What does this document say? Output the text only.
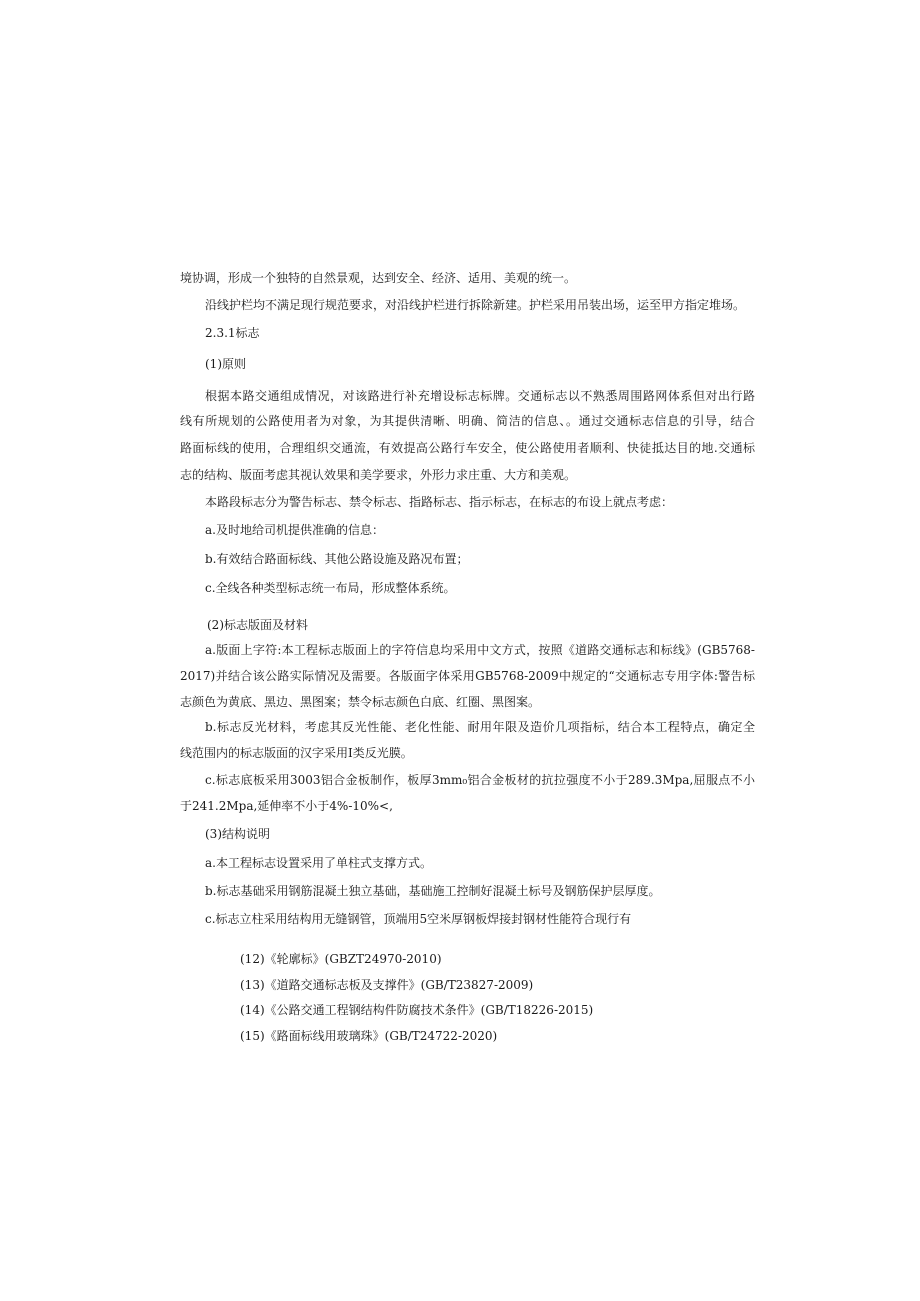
境协调，形成一个独特的自然景观，达到安全、经济、适用、美观的统一。
沿线护栏均不满足现行规范要求，对沿线护栏进行拆除新建。护栏采用吊装出场，运至甲方指定堆场。
2.3.1标志
(1)原则
根据本路交通组成情况，对该路进行补充增设标志标牌。交通标志以不熟悉周围路网体系但对出行路
线有所规划的公路使用者为对象，为其提供清晰、明确、简洁的信息、。通过交通标志信息的引导，结合
路面标线的使用，合理组织交通流，有效提高公路行车安全，使公路使用者顺利、快徒抵达目的地.交通标
志的结构、版面考虑其视认效果和美学要求，外形力求庄重、大方和美观。
本路段标志分为警告标志、禁令标志、指路标志、指示标志，在标志的布设上就点考虑：
a.及时地给司机提供准确的信息：
b.有效结合路面标线、其他公路设施及路况布置；
c.全线各种类型标志统一布局，形成整体系统。
(2)标志版面及材料
a.版面上字符:本工程标志版面上的字符信息均采用中文方式，按照《道路交通标志和标线》(GB5768-
2017)并结合该公路实际情况及需要。各版面字体采用GB5768-2009中规定的“交通标志专用字体:警告标
志颜色为黄底、黑边、黑图案；禁令标志颜色白底、红圈、黑图案。
b.标志反光材料，考虑其反光性能、老化性能、耐用年限及造价几项指标，结合本工程特点，确定全
线范围内的标志版面的汉字采用I类反光膜。
c.标志底板采用3003铝合金板制作，板厚3mm₀铝合金板材的抗拉强度不小于289.3Mpa,屈服点不小
于241.2Mpa,延伸率不小于4%-10%<,
(3)结构说明
a.本工程标志设置采用了单柱式支撑方式。
b.标志基础采用钢筋混凝土独立基础，基础施工控制好混凝土标号及钢筋保护层厚度。
c.标志立柱采用结构用无缝钢管，顶端用5空米厚钢板焊接封钢材性能符合现行有
(12)《轮廓标》(GBZT24970-2010)
(13)《道路交通标志板及支撑件》(GB/T23827-2009)
(14)《公路交通工程钢结构件防腐技术条件》(GB/T18226-2015)
(15)《路面标线用玻璃珠》(GB/T24722-2020)
